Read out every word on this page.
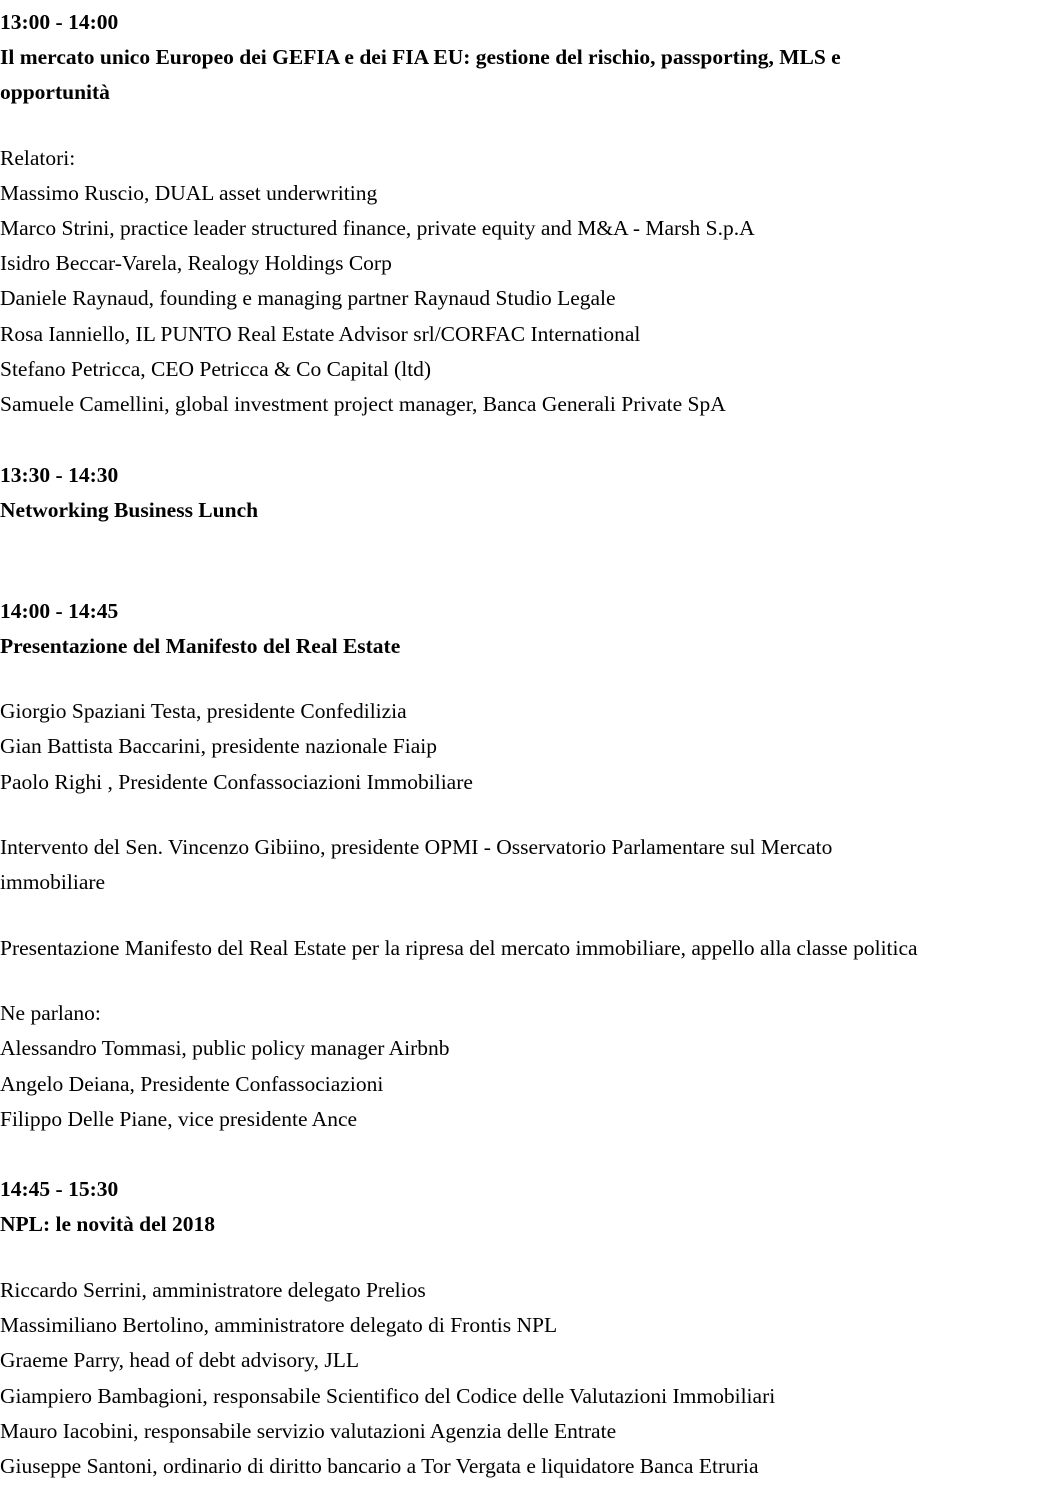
13:00 - 14:00
Il mercato unico Europeo dei GEFIA e dei FIA EU: gestione del rischio, passporting, MLS e
opportunità
Relatori:
Massimo Ruscio, DUAL asset underwriting
Marco Strini, practice leader structured finance, private equity and M&A - Marsh S.p.A
Isidro Beccar-Varela, Realogy Holdings Corp
Daniele Raynaud, founding e managing partner Raynaud Studio Legale
Rosa Ianniello, IL PUNTO Real Estate Advisor srl/CORFAC International
Stefano Petricca, CEO Petricca & Co Capital (ltd)
Samuele Camellini, global investment project manager, Banca Generali Private SpA
13:30 - 14:30
Networking Business Lunch
14:00 - 14:45
Presentazione del Manifesto del Real Estate
Giorgio Spaziani Testa, presidente Confedilizia
Gian Battista Baccarini, presidente nazionale Fiaip
Paolo Righi , Presidente Confassociazioni Immobiliare
Intervento del Sen. Vincenzo Gibiino, presidente OPMI - Osservatorio Parlamentare sul Mercato
immobiliare
Presentazione Manifesto del Real Estate per la ripresa del mercato immobiliare, appello alla classe politica
Ne parlano:
Alessandro Tommasi, public policy manager Airbnb
Angelo Deiana, Presidente Confassociazioni
Filippo Delle Piane, vice presidente Ance
14:45 - 15:30
NPL: le novità del 2018
Riccardo Serrini, amministratore delegato Prelios
Massimiliano Bertolino, amministratore delegato di Frontis NPL
Graeme Parry, head of debt advisory, JLL
Giampiero Bambagioni, responsabile Scientifico del Codice delle Valutazioni Immobiliari
Mauro Iacobini, responsabile servizio valutazioni Agenzia delle Entrate
Giuseppe Santoni, ordinario di diritto bancario a Tor Vergata e liquidatore Banca Etruria
